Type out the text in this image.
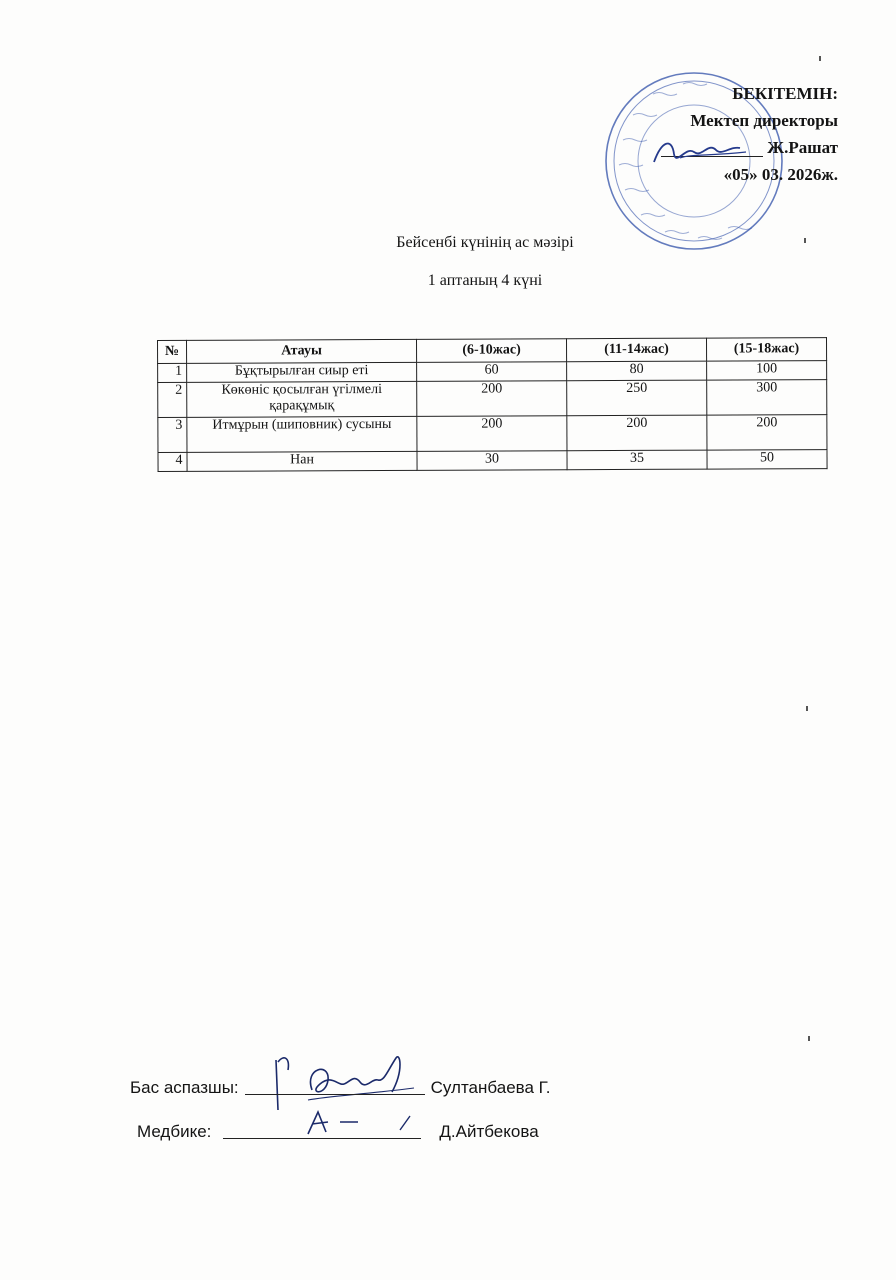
БЕКІТЕМІН:
Мектеп директоры
Ж.Рашат
«05» 03. 2026ж.
Бейсенбі күнінің ас мәзірі
1 аптаның 4 күні
№	Атауы	(6-10жас)	(11-14жас)	(15-18жас)
1	Бұқтырылған сиыр еті	60	80	100
2	Көкөніс қосылған үгілмелі қарақұмық	200	250	300
3	Итмұрын (шиповник) сусыны	200	200	200
4	Нан	30	35	50
Бас аспазшы:	Султанбаева Г.
Медбике:	Д.Айтбекова
